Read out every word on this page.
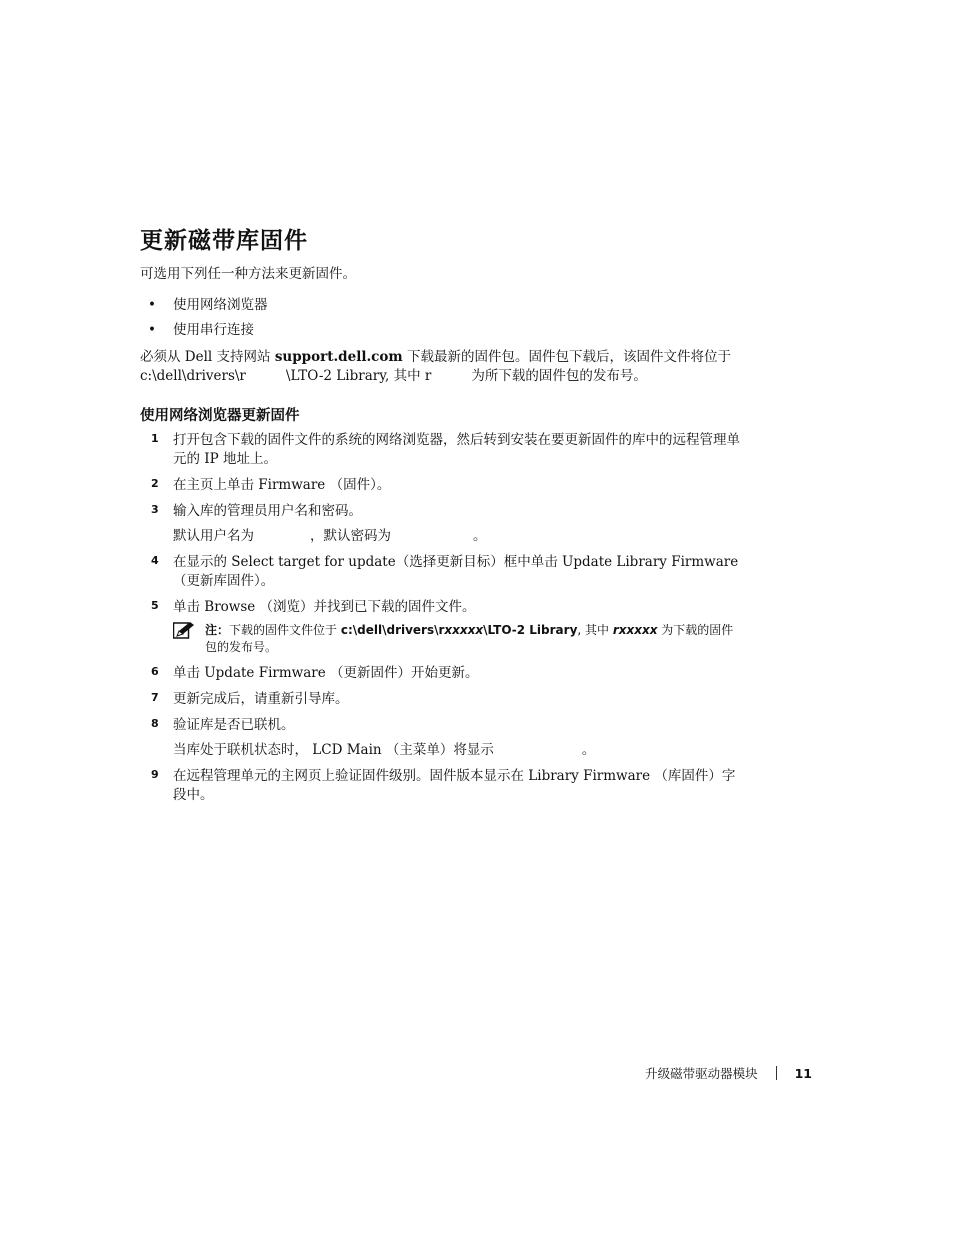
更新磁带库固件

可选用下列任一种方法来更新固件。

• 使用网络浏览器
• 使用串行连接

必须从 Dell 支持网站 support.dell.com 下载最新的固件包。固件包下载后，该固件文件将位于 c:\dell\drivers\r	\LTO-2 Library, 其中 r	为所下载的固件包的发布号。

使用网络浏览器更新固件
1 打开包含下载的固件文件的系统的网络浏览器，然后转到安装在要更新固件的库中的远程管理单元的 IP 地址上。

2 在主页上单击 Firmware （固件）。

3 输入库的管理员用户名和密码。

默认用户名为	，默认密码为	。

4 在显示的 Select target for update（选择更新目标）框中单击 Update Library Firmware（更新库固件）。

5 单击 Browse （浏览）并找到已下载的固件文件。

注：下载的固件文件位于 c:\dell\drivers\rxxxxx\LTO-2 Library, 其中 rxxxxx 为下载的固件包的发布号。
6 单击 Update Firmware （更新固件）开始更新。

7 更新完成后，请重新引导库。

8 验证库是否已联机。

当库处于联机状态时， LCD Main （主菜单）将显示	。

9 在远程管理单元的主网页上验证固件级别。固件版本显示在 Library Firmware （库固件）字段中。

升级磁带驱动器模块	11
